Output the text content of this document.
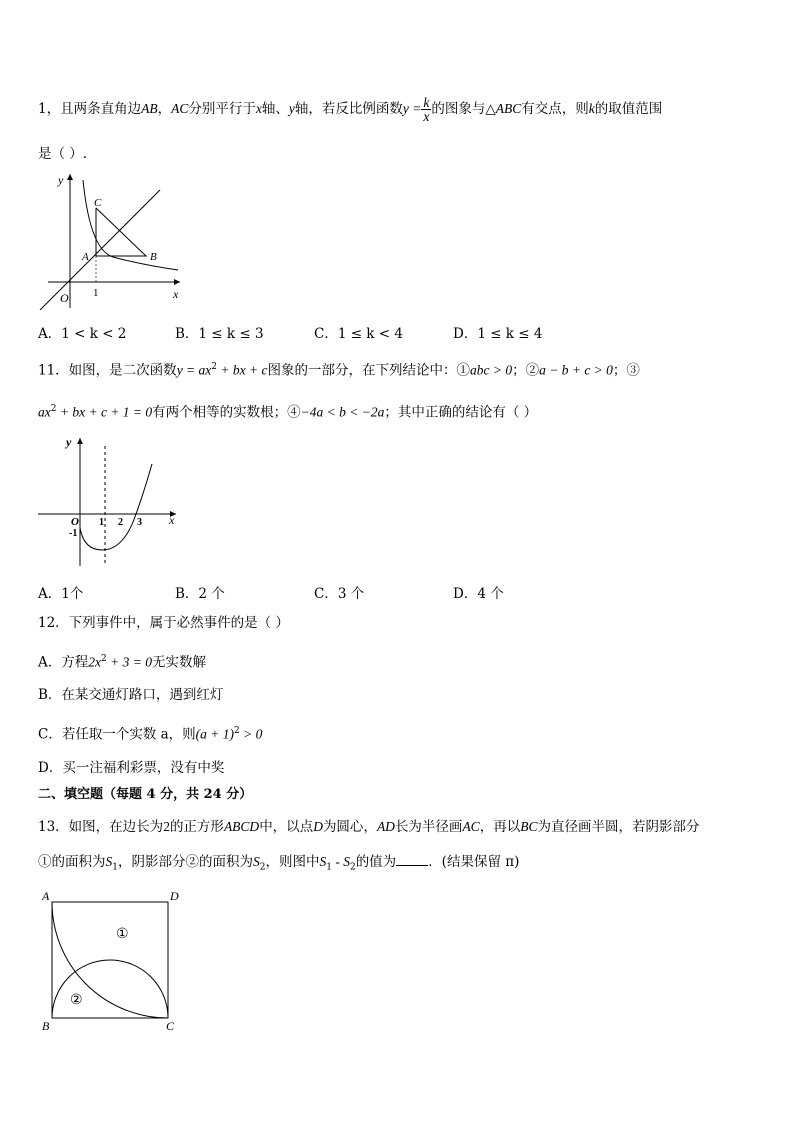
1，且两条直角边AB，AC分别平行于x轴、y轴，若反比例函数$y = \frac{k}{x}$ 的图象与△ABC有交点，则k的取值范围
是（ ）.
y
x
O 1
A	B
C
A．1 < k < 2	B．1 ≤ k ≤ 3	C．1 ≤ k < 4	D．1 ≤ k ≤ 4
11．如图，是二次函数$y = ax^2$ + bx + c图象的一部分，在下列结论中：①abc > 0；②a − b + c > 0；③
$ax^2$ + bx + c + 1 = 0有两个相等的实数根；④−4a < b < −2a；其中正确的结论有（ ）
y
x
O
-1
1 2 3
A．1个	B．2 个	C．3 个	D．4 个
12．下列事件中，属于必然事件的是（ ）
A．方程$2x^2 + 3 = 0$无实数解
B．在某交通灯路口，遇到红灯
C．若任取一个实数 a，则$(a + 1)^2 > 0$
D．买一注福利彩票，没有中奖
二、填空题（每题 4 分，共 24 分）
13．如图，在边长为2的正方形ABCD中，以点D为圆心，AD长为半径画AC，再以BC为直径画半圆，若阴影部分
①的面积为$S_1$，阴影部分②的面积为$S_2$，则图中$S_1 - S_2$的值为 ．(结果保留 π)
A	D
B	C
①
②
